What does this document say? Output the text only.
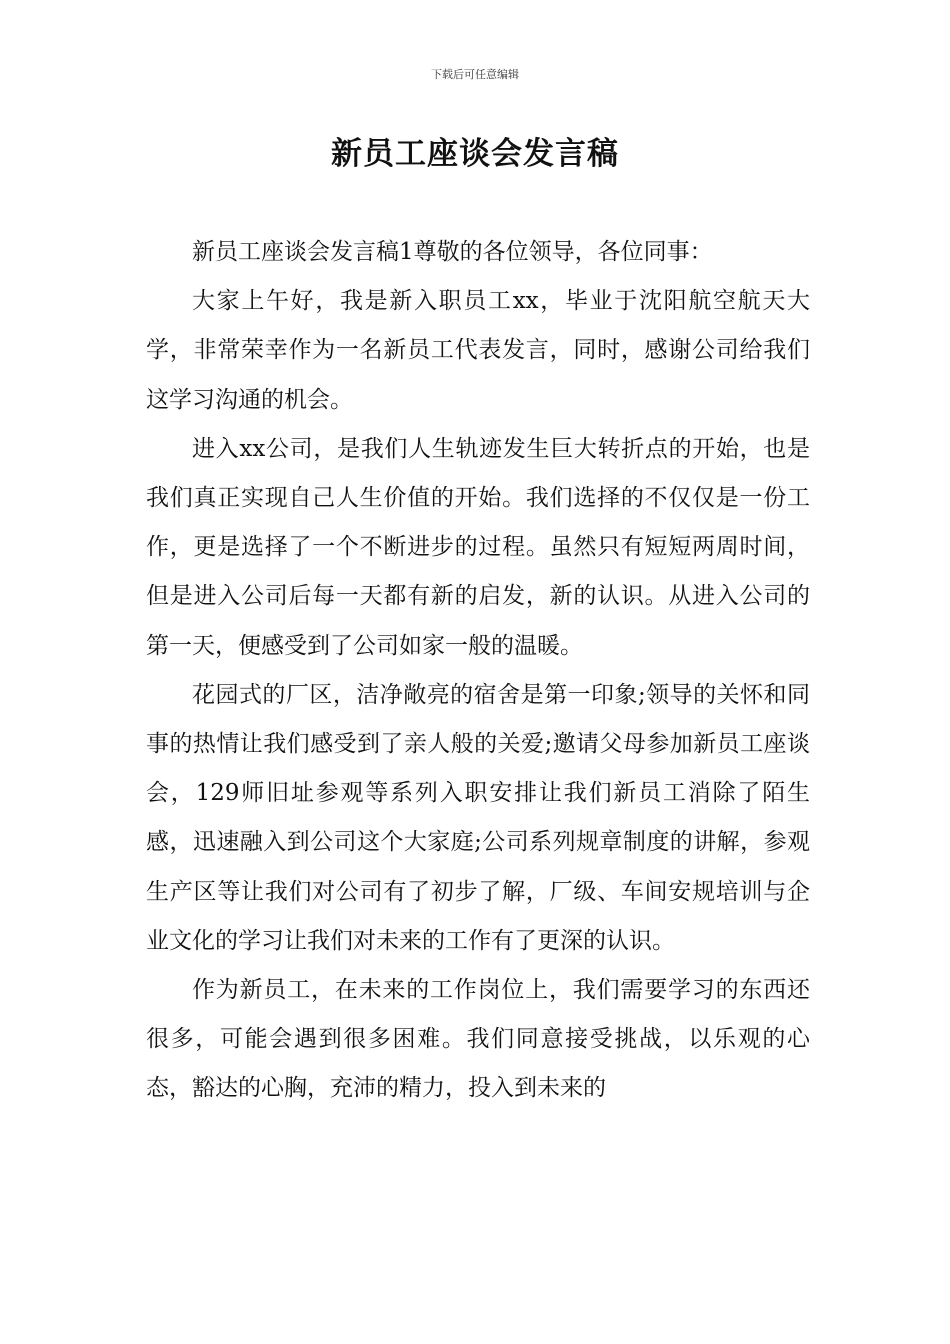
下载后可任意编辑
新员工座谈会发言稿

新员工座谈会发言稿1尊敬的各位领导，各位同事：

大家上午好，我是新入职员工xx，毕业于沈阳航空航天大学，非常荣幸作为一名新员工代表发言，同时，感谢公司给我们这学习沟通的机会。

进入xx公司，是我们人生轨迹发生巨大转折点的开始，也是我们真正实现自己人生价值的开始。我们选择的不仅仅是一份工作，更是选择了一个不断进步的过程。虽然只有短短两周时间，但是进入公司后每一天都有新的启发，新的认识。从进入公司的第一天，便感受到了公司如家一般的温暖。

花园式的厂区，洁净敞亮的宿舍是第一印象;领导的关怀和同事的热情让我们感受到了亲人般的关爱;邀请父母参加新员工座谈会，129师旧址参观等系列入职安排让我们新员工消除了陌生感，迅速融入到公司这个大家庭;公司系列规章制度的讲解，参观生产区等让我们对公司有了初步了解，厂级、车间安规培训与企业文化的学习让我们对未来的工作有了更深的认识。

作为新员工，在未来的工作岗位上，我们需要学习的东西还很多，可能会遇到很多困难。我们同意接受挑战，以乐观的心态，豁达的心胸，充沛的精力，投入到未来的
